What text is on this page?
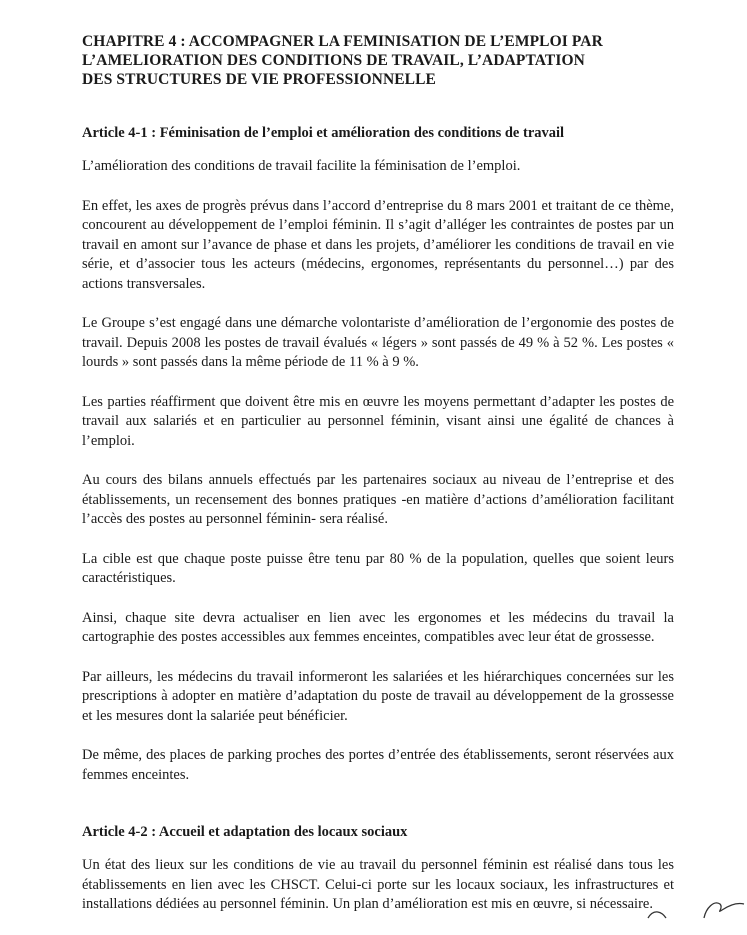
CHAPITRE 4 : ACCOMPAGNER LA FEMINISATION DE L’EMPLOI PAR
L’AMELIORATION DES CONDITIONS DE TRAVAIL, L’ADAPTATION
DES STRUCTURES DE VIE PROFESSIONNELLE
Article 4-1 : Féminisation de l’emploi et amélioration des conditions de travail

L’amélioration des conditions de travail facilite la féminisation de l’emploi.

En effet, les axes de progrès prévus dans l’accord d’entreprise du 8 mars 2001 et traitant de ce thème, concourent au développement de l’emploi féminin. Il s’agit d’alléger les contraintes de postes par un travail en amont sur l’avance de phase et dans les projets, d’améliorer les conditions de travail en vie série, et d’associer tous les acteurs (médecins, ergonomes, représentants du personnel…) par des actions transversales.

Le Groupe s’est engagé dans une démarche volontariste d’amélioration de l’ergonomie des postes de travail. Depuis 2008 les postes de travail évalués « légers » sont passés de 49 % à 52 %. Les postes « lourds » sont passés dans la même période de 11 % à 9 %.

Les parties réaffirment que doivent être mis en œuvre les moyens permettant d’adapter les postes de travail aux salariés et en particulier au personnel féminin, visant ainsi une égalité de chances à l’emploi.

Au cours des bilans annuels effectués par les partenaires sociaux au niveau de l’entreprise et des établissements, un recensement des bonnes pratiques -en matière d’actions d’amélioration facilitant l’accès des postes au personnel féminin- sera réalisé.

La cible est que chaque poste puisse être tenu par 80 % de la population, quelles que soient leurs caractéristiques.

Ainsi, chaque site devra actualiser en lien avec les ergonomes et les médecins du travail la cartographie des postes accessibles aux femmes enceintes, compatibles avec leur état de grossesse.

Par ailleurs, les médecins du travail informeront les salariées et les hiérarchiques concernées sur les prescriptions à adopter en matière d’adaptation du poste de travail au développement de la grossesse et les mesures dont la salariée peut bénéficier.

De même, des places de parking proches des portes d’entrée des établissements, seront réservées aux femmes enceintes.

Article 4-2 : Accueil et adaptation des locaux sociaux

Un état des lieux sur les conditions de vie au travail du personnel féminin est réalisé dans tous les établissements en lien avec les CHSCT. Celui-ci porte sur les locaux sociaux, les infrastructures et installations dédiées au personnel féminin. Un plan d’amélioration est mis en œuvre, si nécessaire.
